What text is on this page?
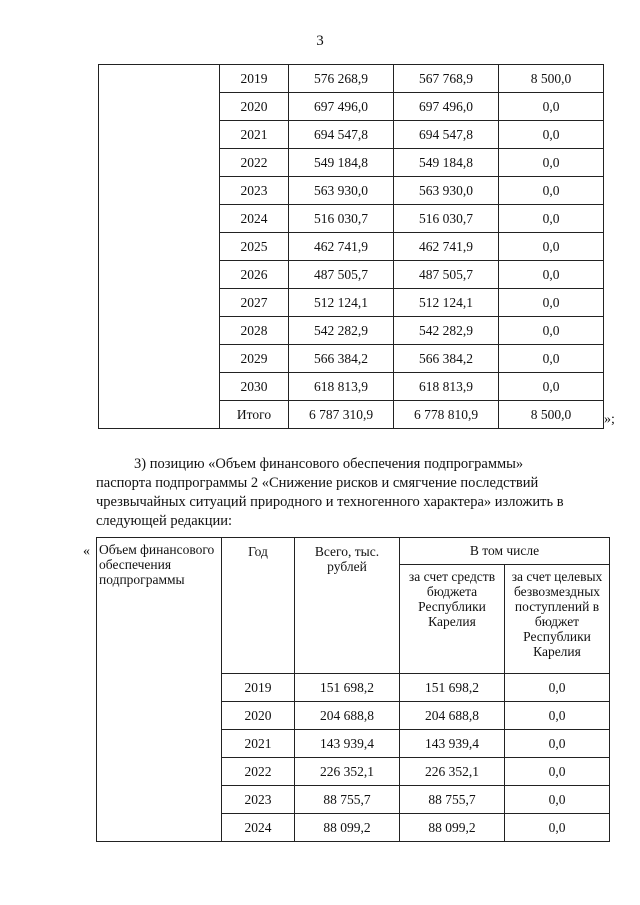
3
	2019	576 268,9	567 768,9	8 500,0
	2020	697 496,0	697 496,0	0,0
	2021	694 547,8	694 547,8	0,0
	2022	549 184,8	549 184,8	0,0
	2023	563 930,0	563 930,0	0,0
	2024	516 030,7	516 030,7	0,0
	2025	462 741,9	462 741,9	0,0
	2026	487 505,7	487 505,7	0,0
	2027	512 124,1	512 124,1	0,0
	2028	542 282,9	542 282,9	0,0
	2029	566 384,2	566 384,2	0,0
	2030	618 813,9	618 813,9	0,0
	Итого	6 787 310,9	6 778 810,9	8 500,0 »;

3) позицию «Объем финансового обеспечения подпрограммы»

паспорта подпрограммы 2 «Снижение рисков и смягчение последствий

чрезвычайных ситуаций природного и техногенного характера» изложить в

следующей редакции:

« Объем финансового обеспечения подпрограммы	Год	Всего, тыс. рублей	В том числе	
			за счет средств бюджета Республики Карелия	за счет целевых безвозмездных поступлений в бюджет Республики Карелия
	2019	151 698,2	151 698,2	0,0
	2020	204 688,8	204 688,8	0,0
	2021	143 939,4	143 939,4	0,0
	2022	226 352,1	226 352,1	0,0
	2023	88 755,7	88 755,7	0,0
	2024	88 099,2	88 099,2	0,0
